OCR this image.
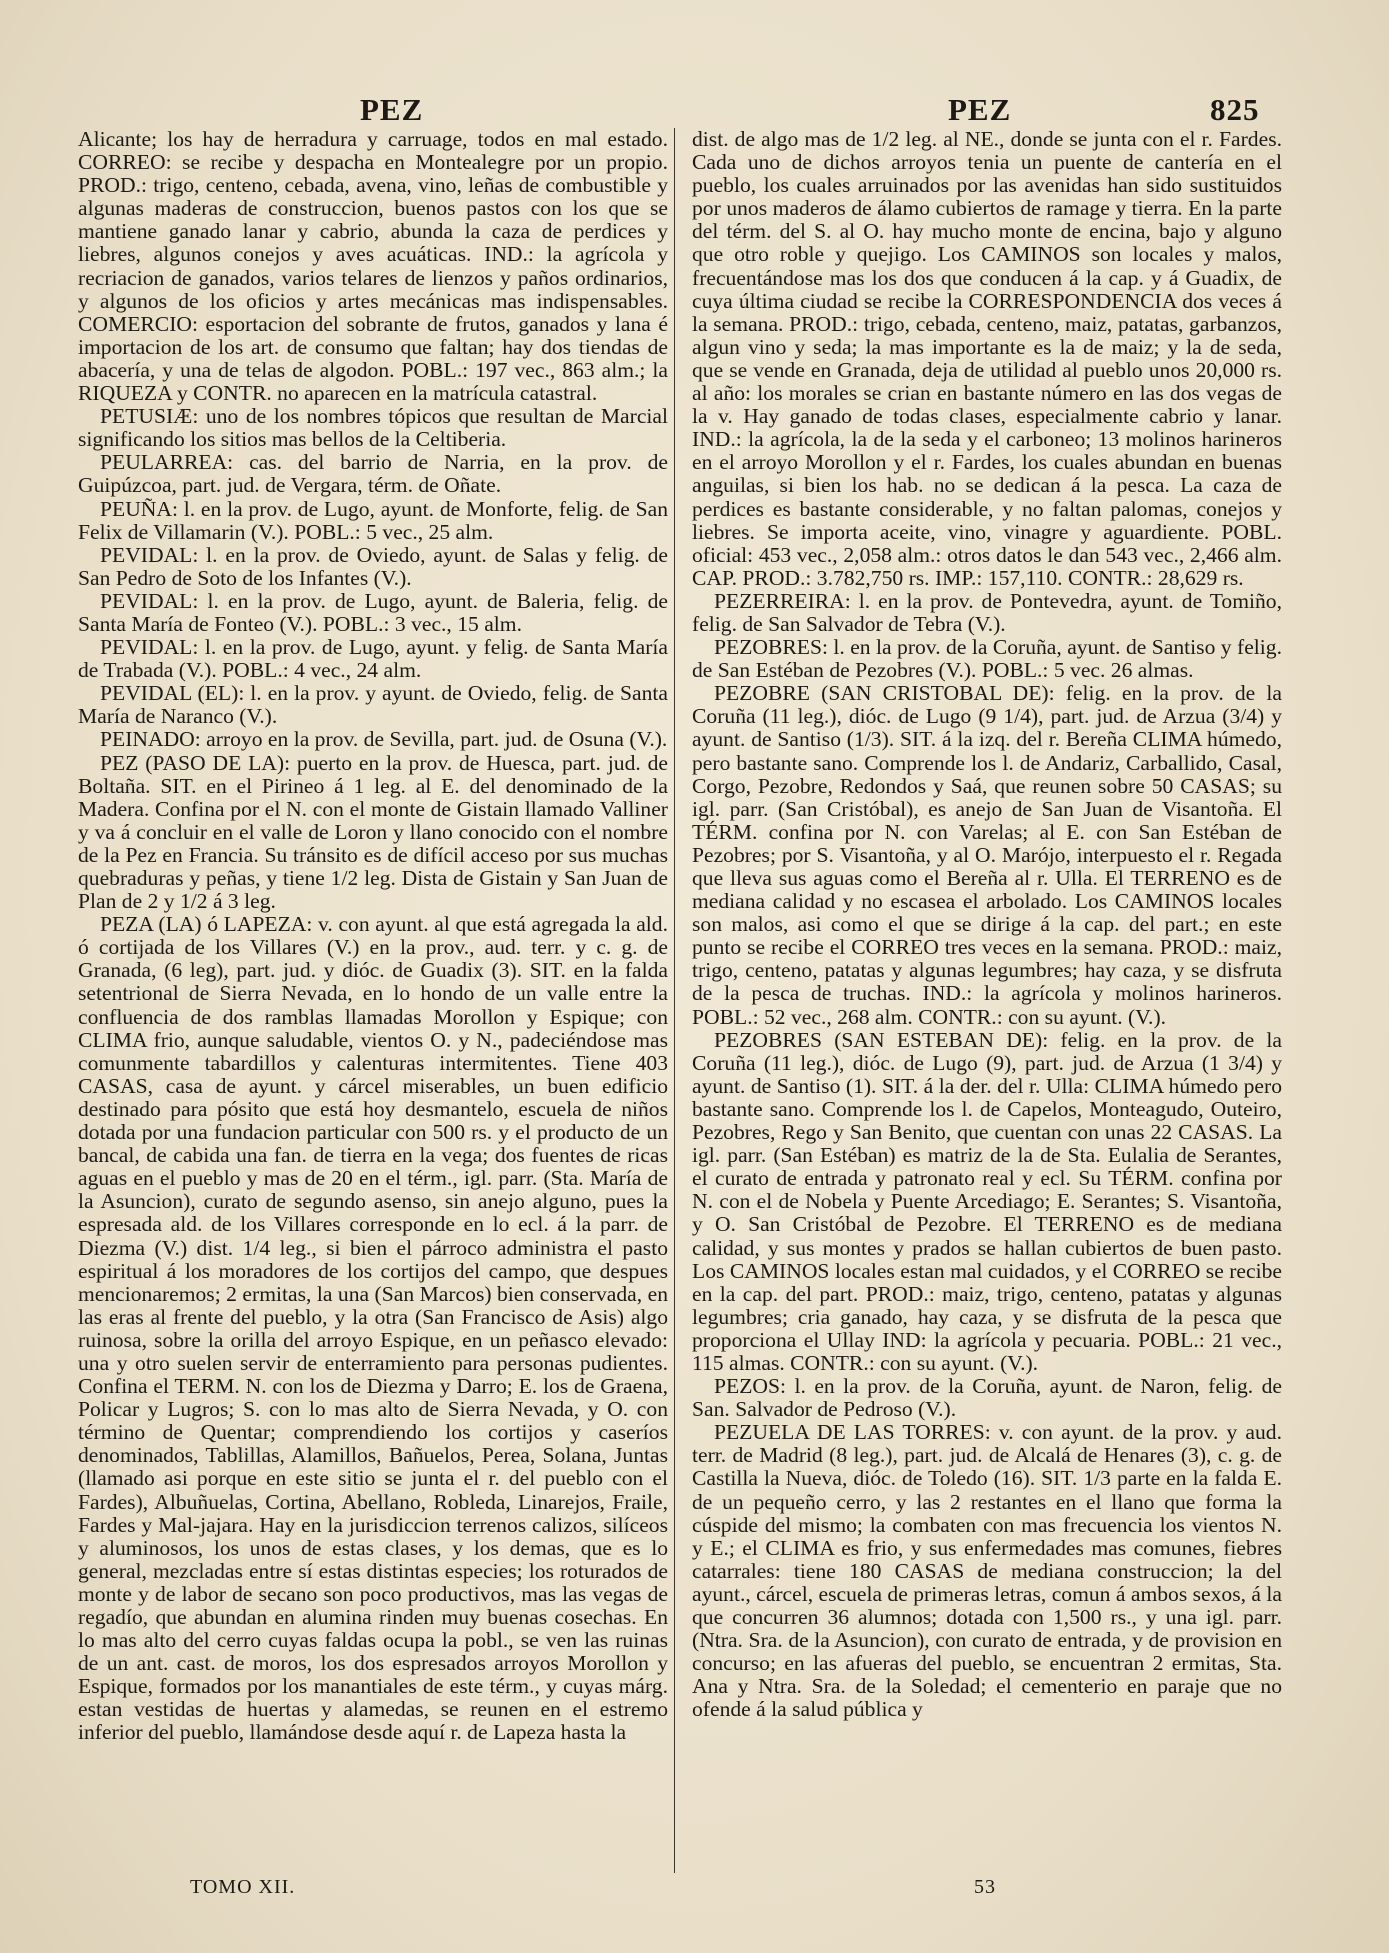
PEZ	PEZ	825

Alicante; los hay de herradura y carruage, todos en mal estado. CORREO: se recibe y despacha en Montealegre por un propio. PROD.: trigo, centeno, cebada, avena, vino, leñas de combustible y algunas maderas de construccion, buenos pastos con los que se mantiene ganado lanar y cabrio, abunda la caza de perdices y liebres, algunos conejos y aves acuáticas. IND.: la agrícola y recriacion de ganados, varios telares de lienzos y paños ordinarios, y algunos de los oficios y artes mecánicas mas indispensables. COMERCIO: esportacion del sobrante de frutos, ganados y lana é importacion de los art. de consumo que faltan; hay dos tiendas de abacería, y una de telas de algodon. POBL.: 197 vec., 863 alm.; la RIQUEZA y CONTR. no aparecen en la matrícula catastral.

PETUSIÆ: uno de los nombres tópicos que resultan de Marcial significando los sitios mas bellos de la Celtiberia.

PEULARREA: cas. del barrio de Narria, en la prov. de Guipúzcoa, part. jud. de Vergara, térm. de Oñate.

PEUÑA: l. en la prov. de Lugo, ayunt. de Monforte, felig. de San Felix de Villamarin (V.). POBL.: 5 vec., 25 alm.

PEVIDAL: l. en la prov. de Oviedo, ayunt. de Salas y felig. de San Pedro de Soto de los Infantes (V.).

PEVIDAL: l. en la prov. de Lugo, ayunt. de Baleria, felig. de Santa María de Fonteo (V.). POBL.: 3 vec., 15 alm.

PEVIDAL: l. en la prov. de Lugo, ayunt. y felig. de Santa María de Trabada (V.). POBL.: 4 vec., 24 alm.

PEVIDAL (EL): l. en la prov. y ayunt. de Oviedo, felig. de Santa María de Naranco (V.).

PEINADO: arroyo en la prov. de Sevilla, part. jud. de Osuna (V.).

PEZ (PASO DE LA): puerto en la prov. de Huesca, part. jud. de Boltaña. SIT. en el Pirineo á 1 leg. al E. del denominado de la Madera. Confina por el N. con el monte de Gistain llamado Valliner y va á concluir en el valle de Loron y llano conocido con el nombre de la Pez en Francia. Su tránsito es de difícil acceso por sus muchas quebraduras y peñas, y tiene 1/2 leg. Dista de Gistain y San Juan de Plan de 2 y 1/2 á 3 leg.

PEZA (LA) ó LAPEZA: v. con ayunt. al que está agregada la ald. ó cortijada de los Villares (V.) en la prov., aud. terr. y c. g. de Granada, (6 leg), part. jud. y dióc. de Guadix (3). SIT. en la falda setentrional de Sierra Nevada, en lo hondo de un valle entre la confluencia de dos ramblas llamadas Morollon y Espique; con CLIMA frio, aunque saludable, vientos O. y N., padeciéndose mas comunmente tabardillos y calenturas intermitentes. Tiene 403 CASAS, casa de ayunt. y cárcel miserables, un buen edificio destinado para pósito que está hoy desmantelo, escuela de niños dotada por una fundacion particular con 500 rs. y el producto de un bancal, de cabida una fan. de tierra en la vega; dos fuentes de ricas aguas en el pueblo y mas de 20 en el térm., igl. parr. (Sta. María de la Asuncion), curato de segundo asenso, sin anejo alguno, pues la espresada ald. de los Villares corresponde en lo ecl. á la parr. de Diezma (V.) dist. 1/4 leg., si bien el párroco administra el pasto espiritual á los moradores de los cortijos del campo, que despues mencionaremos; 2 ermitas, la una (San Marcos) bien conservada, en las eras al frente del pueblo, y la otra (San Francisco de Asis) algo ruinosa, sobre la orilla del arroyo Espique, en un peñasco elevado: una y otro suelen servir de enterramiento para personas pudientes. Confina el TERM. N. con los de Diezma y Darro; E. los de Graena, Policar y Lugros; S. con lo mas alto de Sierra Nevada, y O. con término de Quentar; comprendiendo los cortijos y caseríos denominados, Tablillas, Alamillos, Bañuelos, Perea, Solana, Juntas (llamado asi porque en este sitio se junta el r. del pueblo con el Fardes), Albuñuelas, Cortina, Abellano, Robleda, Linarejos, Fraile, Fardes y Mal-jajara. Hay en la jurisdiccion terrenos calizos, silíceos y aluminosos, los unos de estas clases, y los demas, que es lo general, mezcladas entre sí estas distintas especies; los roturados de monte y de labor de secano son poco productivos, mas las vegas de regadío, que abundan en alumina rinden muy buenas cosechas. En lo mas alto del cerro cuyas faldas ocupa la pobl., se ven las ruinas de un ant. cast. de moros, los dos espresados arroyos Morollon y Espique, formados por los manantiales de este térm., y cuyas márg. estan vestidas de huertas y alamedas, se reunen en el estremo inferior del pueblo, llamándose desde aquí r. de Lapeza hasta la

dist. de algo mas de 1/2 leg. al NE., donde se junta con el r. Fardes. Cada uno de dichos arroyos tenia un puente de cantería en el pueblo, los cuales arruinados por las avenidas han sido sustituidos por unos maderos de álamo cubiertos de ramage y tierra. En la parte del térm. del S. al O. hay mucho monte de encina, bajo y alguno que otro roble y quejigo. Los CAMINOS son locales y malos, frecuentándose mas los dos que conducen á la cap. y á Guadix, de cuya última ciudad se recibe la CORRESPONDENCIA dos veces á la semana. PROD.: trigo, cebada, centeno, maiz, patatas, garbanzos, algun vino y seda; la mas importante es la de maiz; y la de seda, que se vende en Granada, deja de utilidad al pueblo unos 20,000 rs. al año: los morales se crian en bastante número en las dos vegas de la v. Hay ganado de todas clases, especialmente cabrio y lanar. IND.: la agrícola, la de la seda y el carboneo; 13 molinos harineros en el arroyo Morollon y el r. Fardes, los cuales abundan en buenas anguilas, si bien los hab. no se dedican á la pesca. La caza de perdices es bastante considerable, y no faltan palomas, conejos y liebres. Se importa aceite, vino, vinagre y aguardiente. POBL. oficial: 453 vec., 2,058 alm.: otros datos le dan 543 vec., 2,466 alm. CAP. PROD.: 3.782,750 rs. IMP.: 157,110. CONTR.: 28,629 rs.

PEZERREIRA: l. en la prov. de Pontevedra, ayunt. de Tomiño, felig. de San Salvador de Tebra (V.).

PEZOBRES: l. en la prov. de la Coruña, ayunt. de Santiso y felig. de San Estéban de Pezobres (V.). POBL.: 5 vec. 26 almas.

PEZOBRE (SAN CRISTOBAL DE): felig. en la prov. de la Coruña (11 leg.), dióc. de Lugo (9 1/4), part. jud. de Arzua (3/4) y ayunt. de Santiso (1/3). SIT. á la izq. del r. Bereña CLIMA húmedo, pero bastante sano. Comprende los l. de Andariz, Carballido, Casal, Corgo, Pezobre, Redondos y Saá, que reunen sobre 50 CASAS; su igl. parr. (San Cristóbal), es anejo de San Juan de Visantoña. El TÉRM. confina por N. con Varelas; al E. con San Estéban de Pezobres; por S. Visantoña, y al O. Marójo, interpuesto el r. Regada que lleva sus aguas como el Bereña al r. Ulla. El TERRENO es de mediana calidad y no escasea el arbolado. Los CAMINOS locales son malos, asi como el que se dirige á la cap. del part.; en este punto se recibe el CORREO tres veces en la semana. PROD.: maiz, trigo, centeno, patatas y algunas legumbres; hay caza, y se disfruta de la pesca de truchas. IND.: la agrícola y molinos harineros. POBL.: 52 vec., 268 alm. CONTR.: con su ayunt. (V.).

PEZOBRES (SAN ESTEBAN DE): felig. en la prov. de la Coruña (11 leg.), dióc. de Lugo (9), part. jud. de Arzua (1 3/4) y ayunt. de Santiso (1). SIT. á la der. del r. Ulla: CLIMA húmedo pero bastante sano. Comprende los l. de Capelos, Monteagudo, Outeiro, Pezobres, Rego y San Benito, que cuentan con unas 22 CASAS. La igl. parr. (San Estéban) es matriz de la de Sta. Eulalia de Serantes, el curato de entrada y patronato real y ecl. Su TÉRM. confina por N. con el de Nobela y Puente Arcediago; E. Serantes; S. Visantoña, y O. San Cristóbal de Pezobre. El TERRENO es de mediana calidad, y sus montes y prados se hallan cubiertos de buen pasto. Los CAMINOS locales estan mal cuidados, y el CORREO se recibe en la cap. del part. PROD.: maiz, trigo, centeno, patatas y algunas legumbres; cria ganado, hay caza, y se disfruta de la pesca que proporciona el Ullay IND: la agrícola y pecuaria. POBL.: 21 vec., 115 almas. CONTR.: con su ayunt. (V.).

PEZOS: l. en la prov. de la Coruña, ayunt. de Naron, felig. de San. Salvador de Pedroso (V.).

PEZUELA DE LAS TORRES: v. con ayunt. de la prov. y aud. terr. de Madrid (8 leg.), part. jud. de Alcalá de Henares (3), c. g. de Castilla la Nueva, dióc. de Toledo (16). SIT. 1/3 parte en la falda E. de un pequeño cerro, y las 2 restantes en el llano que forma la cúspide del mismo; la combaten con mas frecuencia los vientos N. y E.; el CLIMA es frio, y sus enfermedades mas comunes, fiebres catarrales: tiene 180 CASAS de mediana construccion; la del ayunt., cárcel, escuela de primeras letras, comun á ambos sexos, á la que concurren 36 alumnos; dotada con 1,500 rs., y una igl. parr. (Ntra. Sra. de la Asuncion), con curato de entrada, y de provision en concurso; en las afueras del pueblo, se encuentran 2 ermitas, Sta. Ana y Ntra. Sra. de la Soledad; el cementerio en paraje que no ofende á la salud pública y

TOMO XII.	53
